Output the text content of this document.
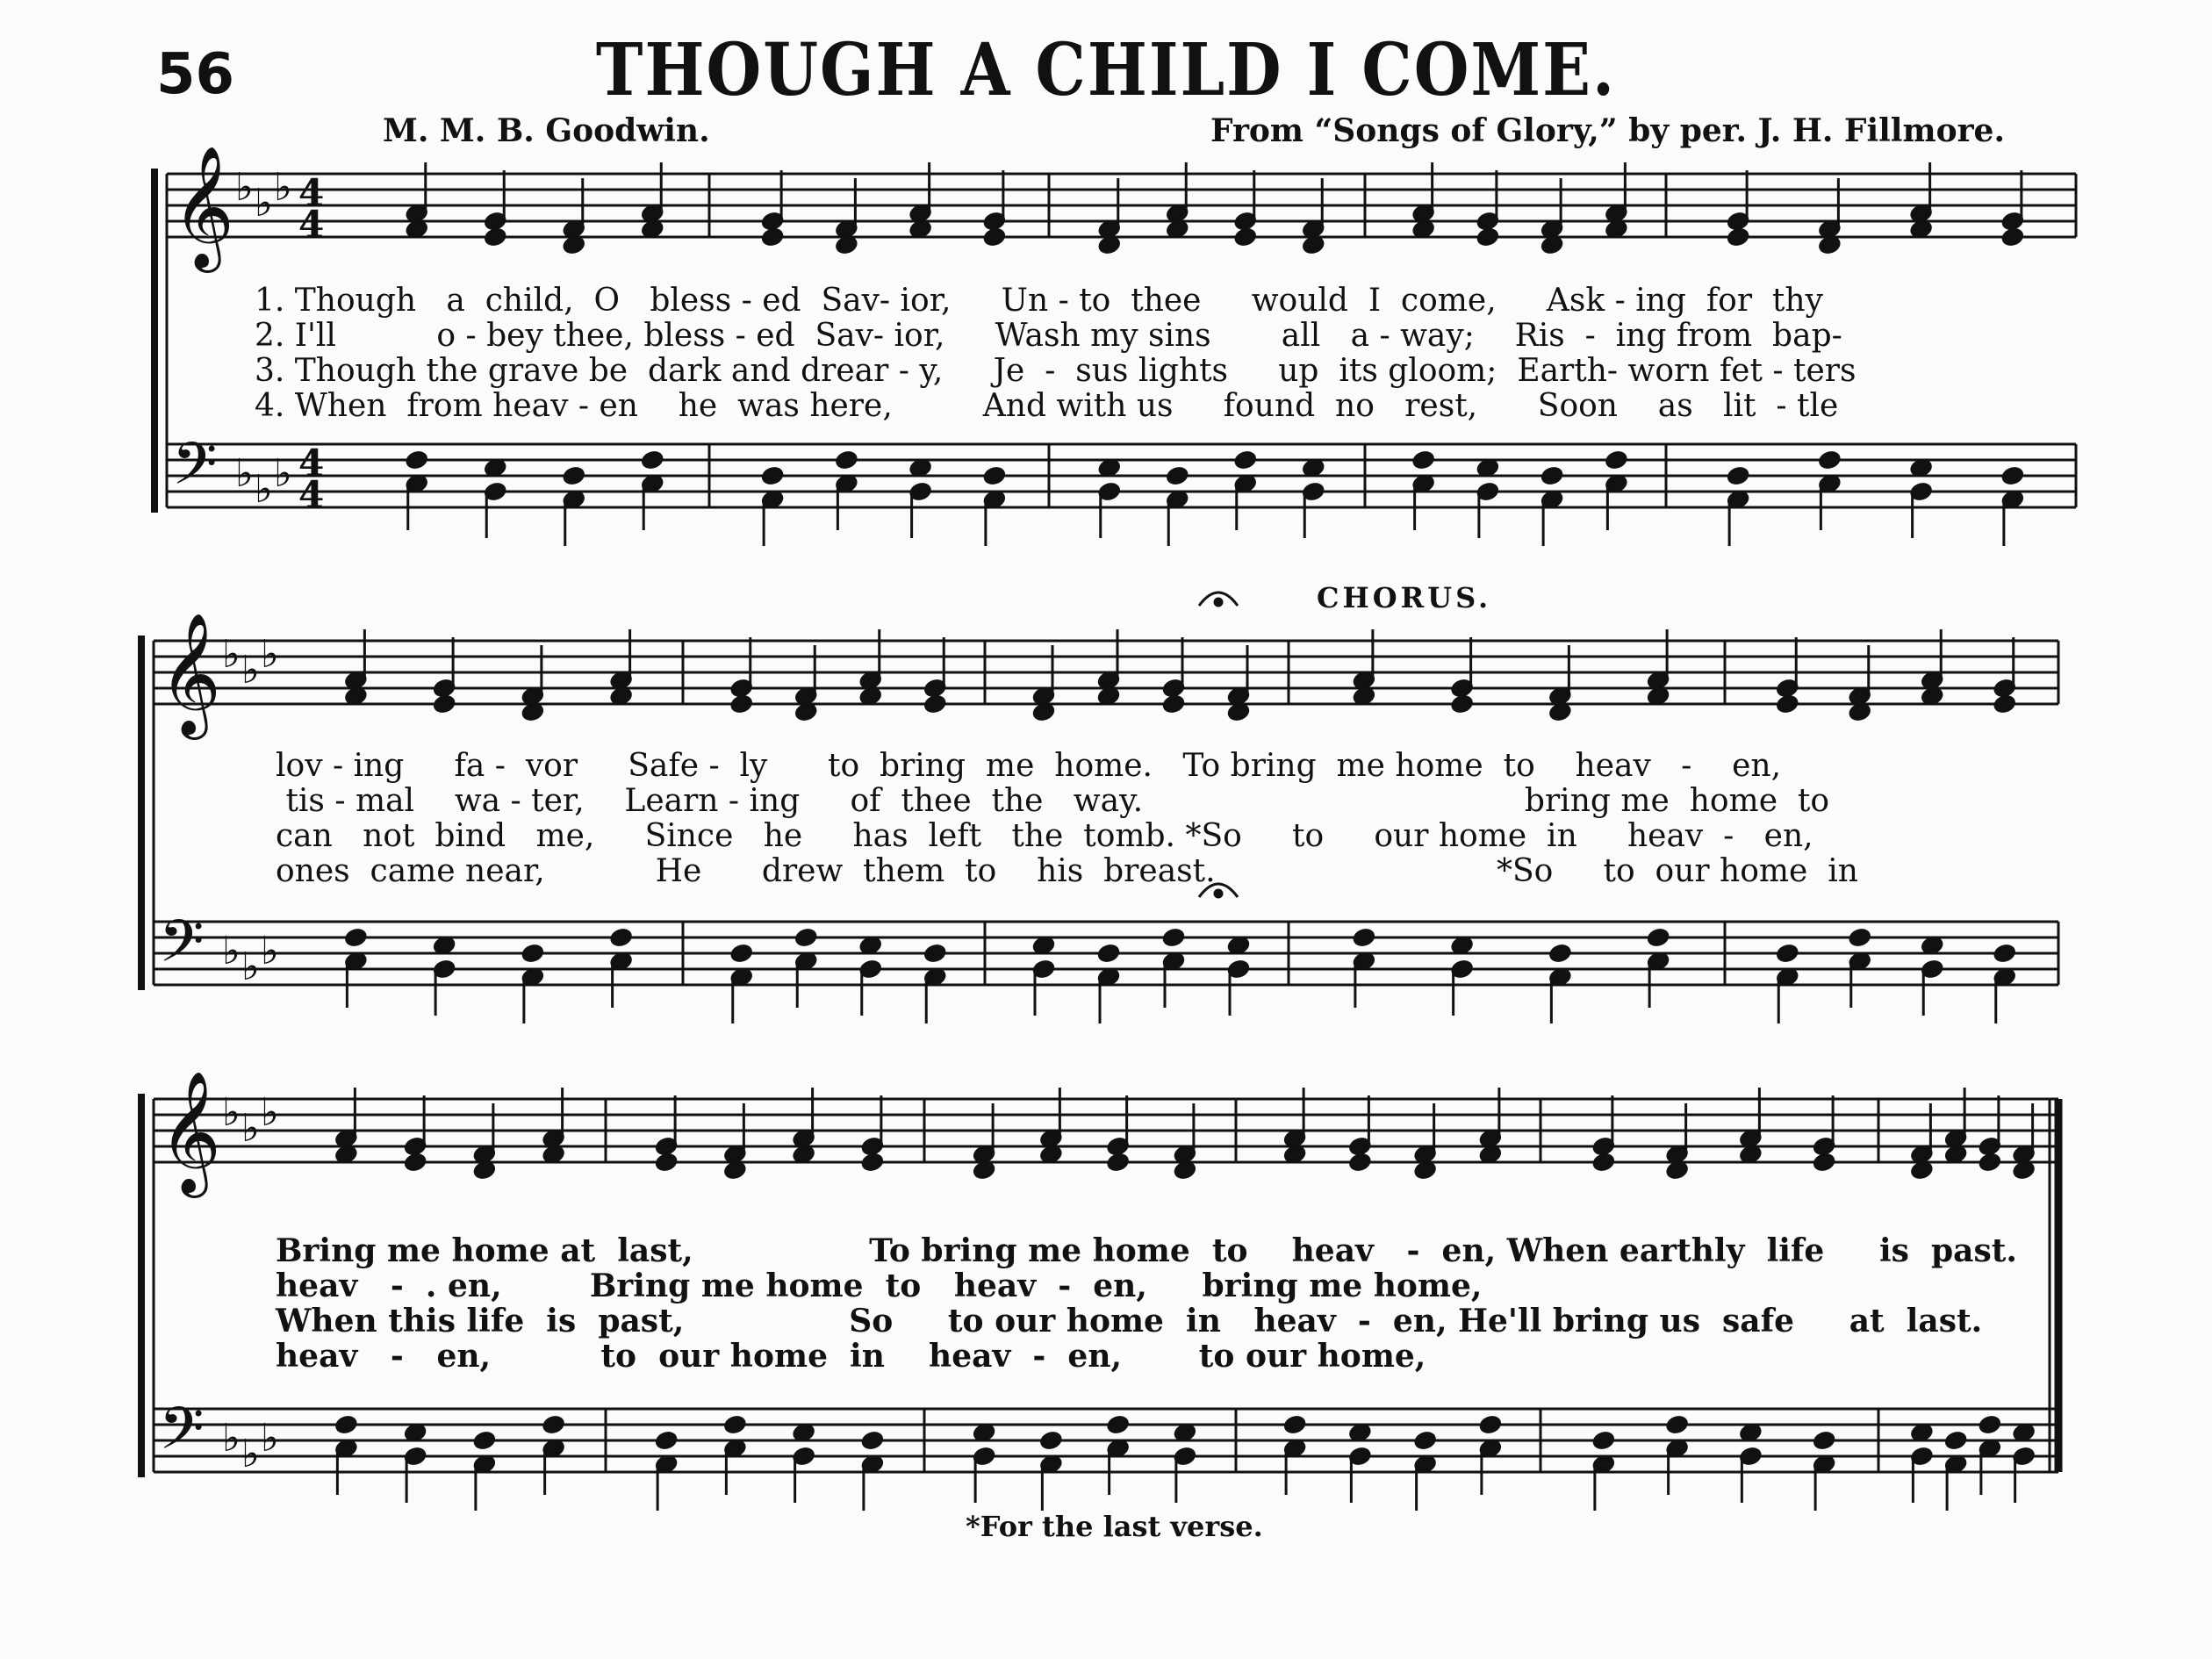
56	THOUGH A CHILD I COME.
M. M. B. Goodwin.	From “Songs of Glory,” by per. J. H. Fillmore.
CHORUS.
1. Though   a  child,  O   bless - ed  Sav- ior,     Un - to  thee     would  I  come,     Ask - ing  for  thy
2. I'll          o - bey thee, bless - ed  Sav- ior,     Wash my sins       all   a - way;    Ris  -  ing from  bap-
3. Though the grave be  dark and drear - y,     Je  -  sus lights     up  its gloom;  Earth- worn fet - ters
4. When  from heav - en    he  was here,         And with us     found  no   rest,      Soon    as   lit  - tle
lov - ing     fa -  vor     Safe -  ly      to  bring  me  home.   To bring  me home  to    heav   -    en,
tis - mal    wa - ter,    Learn - ing     of  thee  the   way.                                      bring me  home  to
can   not  bind   me,     Since   he     has  left   the  tomb. *So     to     our home  in     heav  -   en,
ones  came near,           He      drew  them  to    his  breast.                            *So     to  our home  in
Bring me home at  last,                To bring me home  to    heav   -  en, When earthly  life     is  past.
heav   -  . en,        Bring me home  to   heav  -  en,     bring me home,
When this life  is  past,               So     to our home  in   heav  -  en, He'll bring us  safe     at  last.
heav   -   en,          to  our home  in    heav  -  en,       to our home,
*For the last verse.
𝄞
𝄢
♭ ♭ ♭
♭ ♭ ♭
4
4
4
4
𝄞
𝄢
♭ ♭ ♭
♭ ♭ ♭
𝄞
𝄢
♭ ♭ ♭
♭ ♭ ♭
